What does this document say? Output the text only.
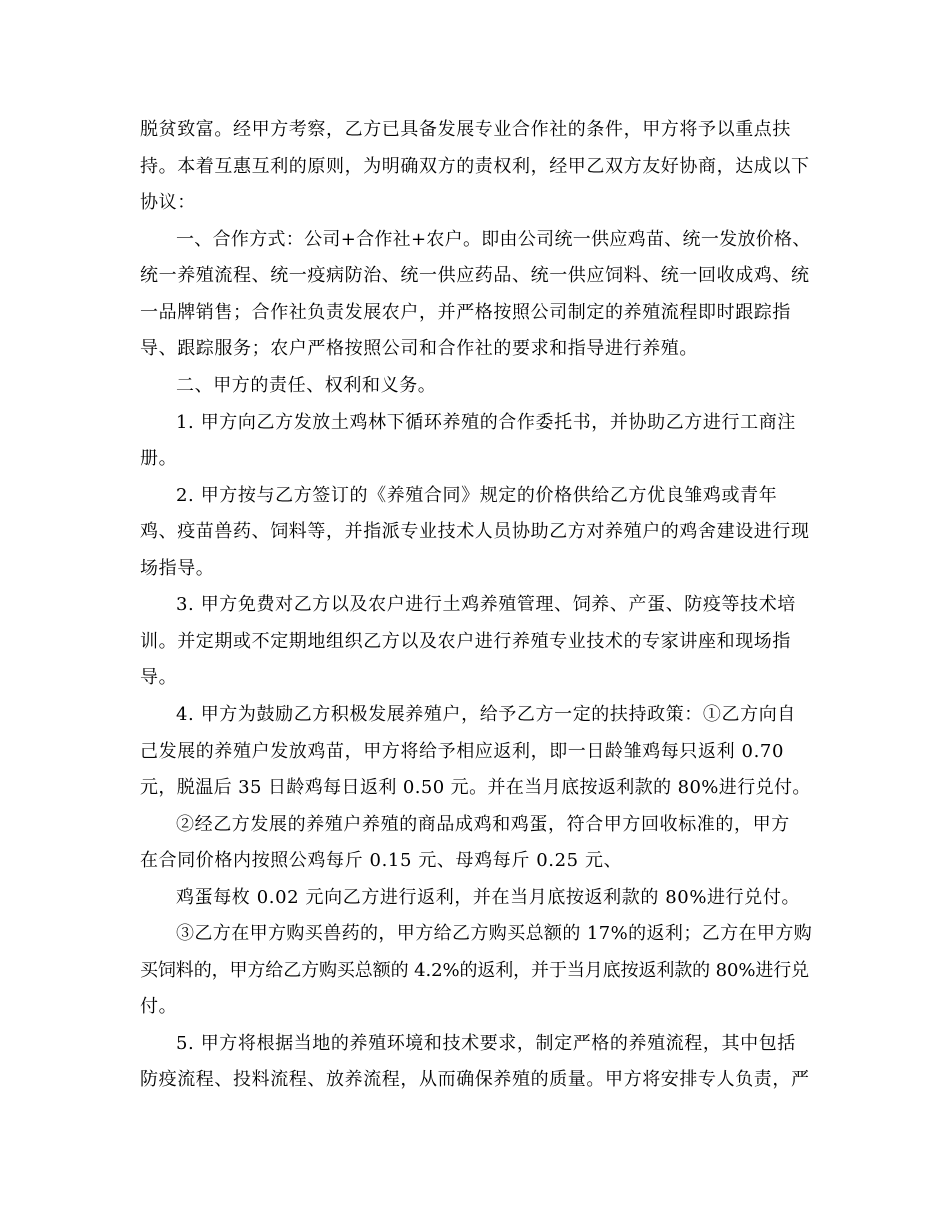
脱贫致富。经甲方考察，乙方已具备发展专业合作社的条件，甲方将予以重点扶
持。本着互惠互利的原则，为明确双方的责权利，经甲乙双方友好协商，达成以下
协议：
一、合作方式：公司+合作社+农户。即由公司统一供应鸡苗、统一发放价格、
统一养殖流程、统一疫病防治、统一供应药品、统一供应饲料、统一回收成鸡、统
一品牌销售；合作社负责发展农户，并严格按照公司制定的养殖流程即时跟踪指
导、跟踪服务；农户严格按照公司和合作社的要求和指导进行养殖。
二、甲方的责任、权利和义务。
1. 甲方向乙方发放土鸡林下循环养殖的合作委托书，并协助乙方进行工商注
册。
2. 甲方按与乙方签订的《养殖合同》规定的价格供给乙方优良雏鸡或青年
鸡、疫苗兽药、饲料等，并指派专业技术人员协助乙方对养殖户的鸡舍建设进行现
场指导。
3. 甲方免费对乙方以及农户进行土鸡养殖管理、饲养、产蛋、防疫等技术培
训。并定期或不定期地组织乙方以及农户进行养殖专业技术的专家讲座和现场指
导。
4. 甲方为鼓励乙方积极发展养殖户，给予乙方一定的扶持政策：①乙方向自
己发展的养殖户发放鸡苗，甲方将给予相应返利，即一日龄雏鸡每只返利 0.70
元，脱温后 35 日龄鸡每日返利 0.50 元。并在当月底按返利款的 80%进行兑付。
②经乙方发展的养殖户养殖的商品成鸡和鸡蛋，符合甲方回收标准的，甲方
在合同价格内按照公鸡每斤 0.15 元、母鸡每斤 0.25 元、
鸡蛋每枚 0.02 元向乙方进行返利，并在当月底按返利款的 80%进行兑付。
③乙方在甲方购买兽药的，甲方给乙方购买总额的 17%的返利；乙方在甲方购
买饲料的，甲方给乙方购买总额的 4.2%的返利，并于当月底按返利款的 80%进行兑
付。
5. 甲方将根据当地的养殖环境和技术要求，制定严格的养殖流程，其中包括
防疫流程、投料流程、放养流程，从而确保养殖的质量。甲方将安排专人负责，严
